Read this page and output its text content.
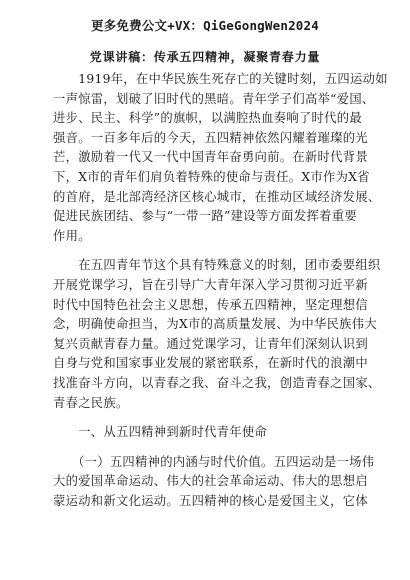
更多免费公文+VX：QiGeGongWen2024
党课讲稿：传承五四精神，凝聚青春力量
　　1919年，在中华民族生死存亡的关键时刻，五四运动如
一声惊雷，划破了旧时代的黑暗。青年学子们高举“爱国、
进步、民主、科学”的旗帜，以满腔热血奏响了时代的最
强音。一百多年后的今天，五四精神依然闪耀着璀璨的光
芒，激励着一代又一代中国青年奋勇向前。在新时代背景
下，X市的青年们肩负着特殊的使命与责任。X市作为X省
的首府，是北部湾经济区核心城市，在推动区域经济发展、
促进民族团结、参与“一带一路”建设等方面发挥着重要
作用。
　　在五四青年节这个具有特殊意义的时刻，团市委要组织
开展党课学习，旨在引导广大青年深入学习贯彻习近平新
时代中国特色社会主义思想，传承五四精神，坚定理想信
念，明确使命担当，为X市的高质量发展、为中华民族伟大
复兴贡献青春力量。通过党课学习，让青年们深刻认识到
自身与党和国家事业发展的紧密联系，在新时代的浪潮中
找准奋斗方向，以青春之我、奋斗之我，创造青春之国家、
青春之民族。
　　一、从五四精神到新时代青年使命
　　（一）五四精神的内涵与时代价值。五四运动是一场伟
大的爱国革命运动、伟大的社会革命运动、伟大的思想启
蒙运动和新文化运动。五四精神的核心是爱国主义，它体
